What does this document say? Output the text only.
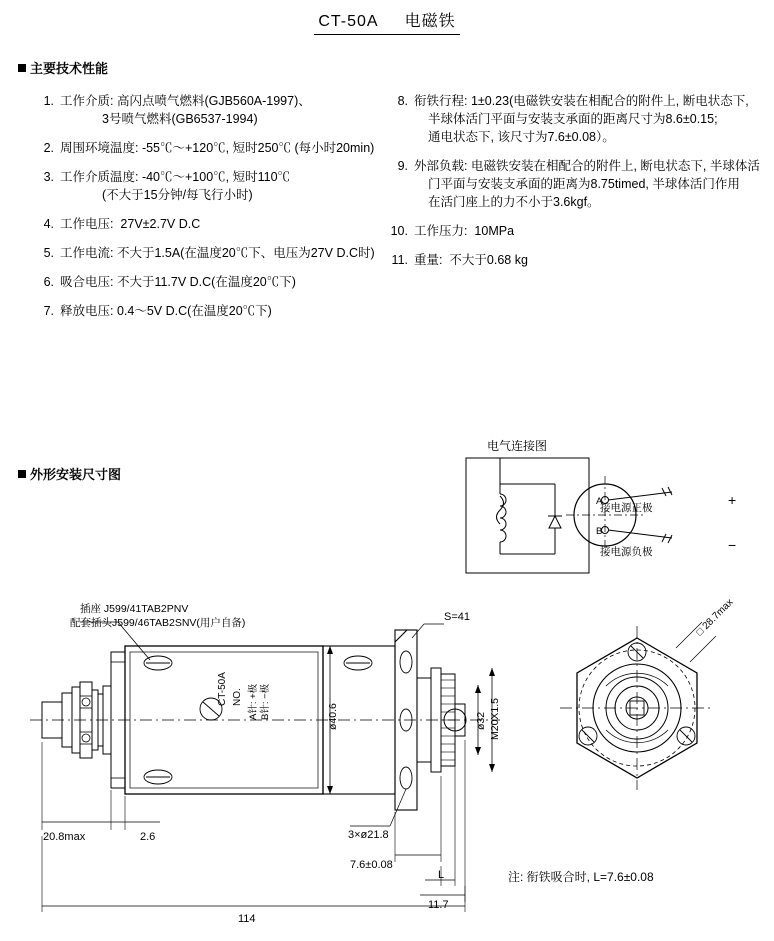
CT-50A 电磁铁
主要技术性能
1. 工作介质: 高闪点喷气燃料(GJB560A-1997)、
3号喷气燃料(GB6537-1994)
2. 周围环境温度: -55℃～+120℃, 短时250℃ (每小时20min)
3. 工作介质温度: -40℃～+100℃, 短时110℃
(不大于15分钟/每飞行小时)
4. 工作电压:  27V±2.7V D.C
5. 工作电流: 不大于1.5A(在温度20℃下、电压为27V D.C时)
6. 吸合电压: 不大于11.7V D.C(在温度20℃下)
7. 释放电压: 0.4～5V D.C(在温度20℃下)
8. 衔铁行程: 1±0.23(电磁铁安装在相配合的附件上, 断电状态下,
半球体活门平面与安装支承面的距离尺寸为8.6±0.15;
通电状态下, 该尺寸为7.6±0.08）。
9. 外部负载: 电磁铁安装在相配合的附件上, 断电状态下, 半球体活
门平面与安装支承面的距离为8.75timed, 半球体活门作用
在活门座上的力不小于3.6kgf。
10. 工作压力:  10MPa
11. 重量:  不大于0.68 kg
外形安装尺寸图
电气连接图
A
B
接电源正极
接电源负极
+
−
插座 J599/41TAB2PNV
配套插头J599/46TAB2SNV(用户自备)
CT-50A NO. A针: +极 B针: −极	ø40.6	ø32 M20X1.5
S=41	□ 28.7max
20.8max	2.6	3×ø21.8
7.6±0.08
L
11.7
114
注: 衔铁吸合时, L=7.6±0.08
